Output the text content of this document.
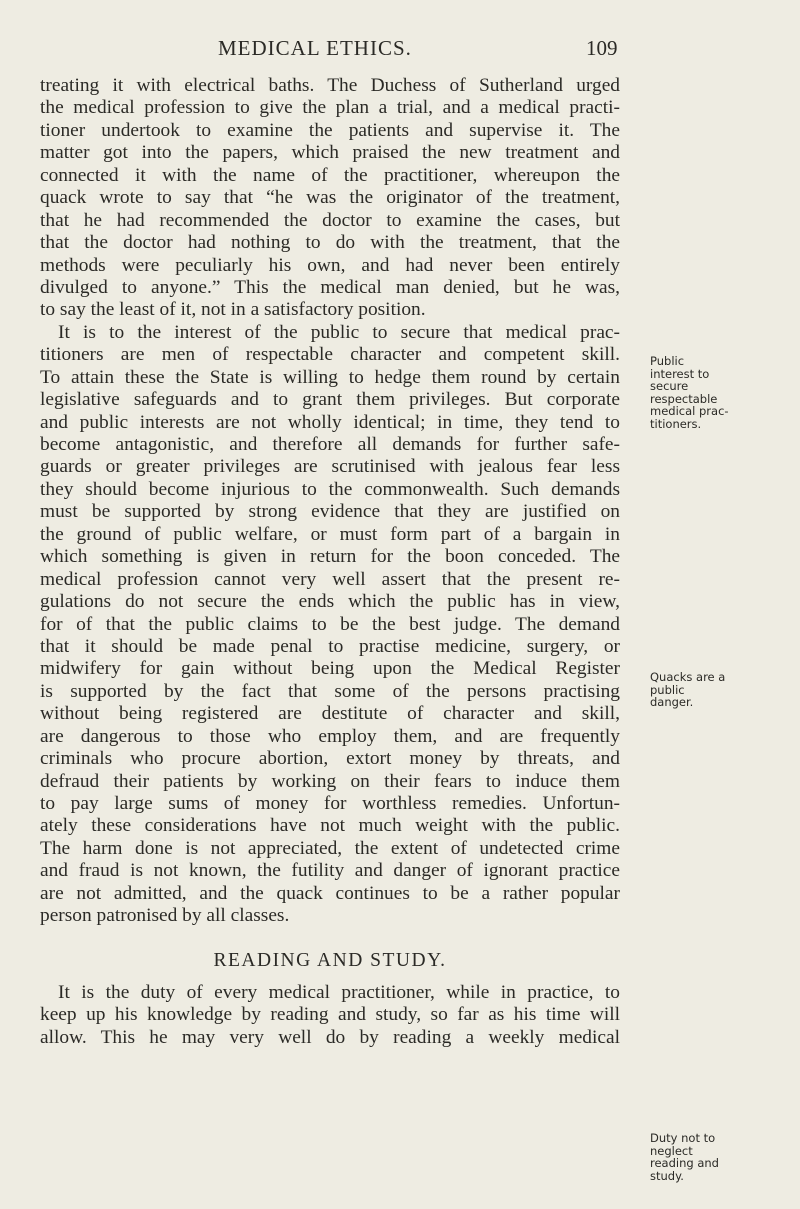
MEDICAL ETHICS.	109
treating it with electrical baths. The Duchess of Sutherland urged
the medical profession to give the plan a trial, and a medical practi-
tioner undertook to examine the patients and supervise it. The
matter got into the papers, which praised the new treatment and
connected it with the name of the practitioner, whereupon the
quack wrote to say that “he was the originator of the treatment,
that he had recommended the doctor to examine the cases, but
that the doctor had nothing to do with the treatment, that the
methods were peculiarly his own, and had never been entirely
divulged to anyone.” This the medical man denied, but he was,
to say the least of it, not in a satisfactory position.
It is to the interest of the public to secure that medical prac-
titioners are men of respectable character and competent skill.
To attain these the State is willing to hedge them round by certain
legislative safeguards and to grant them privileges. But corporate
and public interests are not wholly identical; in time, they tend to
become antagonistic, and therefore all demands for further safe-
guards or greater privileges are scrutinised with jealous fear less
they should become injurious to the commonwealth. Such demands
must be supported by strong evidence that they are justified on
the ground of public welfare, or must form part of a bargain in
which something is given in return for the boon conceded. The
medical profession cannot very well assert that the present re-
gulations do not secure the ends which the public has in view,
for of that the public claims to be the best judge. The demand
that it should be made penal to practise medicine, surgery, or
midwifery for gain without being upon the Medical Register
is supported by the fact that some of the persons practising
without being registered are destitute of character and skill,
are dangerous to those who employ them, and are frequently
criminals who procure abortion, extort money by threats, and
defraud their patients by working on their fears to induce them
to pay large sums of money for worthless remedies. Unfortun-
ately these considerations have not much weight with the public.
The harm done is not appreciated, the extent of undetected crime
and fraud is not known, the futility and danger of ignorant practice
are not admitted, and the quack continues to be a rather popular
person patronised by all classes.
READING AND STUDY.
It is the duty of every medical practitioner, while in practice, to
keep up his knowledge by reading and study, so far as his time will
allow. This he may very well do by reading a weekly medical
Public
interest to
secure
respectable
medical prac-
titioners.
Quacks are a
public
danger.
Duty not to
neglect
reading and
study.
